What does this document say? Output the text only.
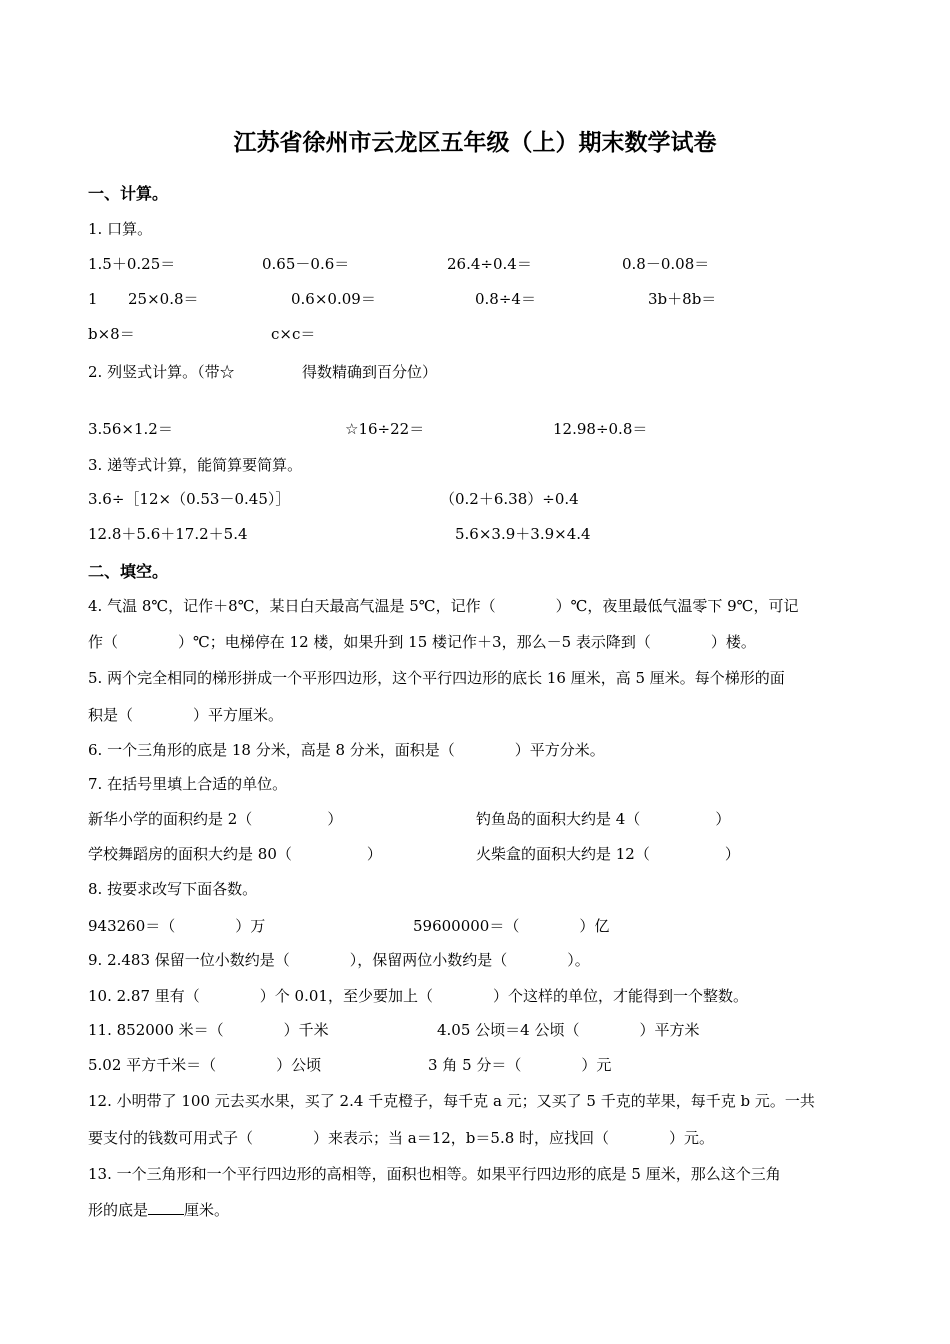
江苏省徐州市云龙区五年级（上）期末数学试卷
一、计算。
1. 口算。
1.5＋0.25＝	0.65－0.6＝	26.4÷0.4＝	0.8－0.08＝
1 25×0.8＝	0.6×0.09＝	0.8÷4＝	3b＋8b＝
b×8＝	c×c＝
2. 列竖式计算。（带☆	得数精确到百分位）
3.56×1.2＝	☆16÷22＝	12.98÷0.8＝
3. 递等式计算，能简算要简算。
3.6÷［12×（0.53－0.45）］	（0.2＋6.38）÷0.4
12.8＋5.6＋17.2＋5.4	5.6×3.9＋3.9×4.4
二、填空。
4. 气温 8℃，记作＋8℃，某日白天最高气温是 5℃，记作（　　　　）℃，夜里最低气温零下 9℃，可记
作（　　　　）℃；电梯停在 12 楼，如果升到 15 楼记作＋3，那么－5 表示降到（　　　　）楼。
5. 两个完全相同的梯形拼成一个平形四边形，这个平行四边形的底长 16 厘米，高 5 厘米。每个梯形的面
积是（　　　　）平方厘米。
6. 一个三角形的底是 18 分米，高是 8 分米，面积是（　　　　）平方分米。
7. 在括号里填上合适的单位。
新华小学的面积约是 2（　　　　　）	钓鱼岛的面积大约是 4（　　　　　）
学校舞蹈房的面积大约是 80（　　　　　）	火柴盒的面积大约是 12（　　　　　）
8. 按要求改写下面各数。
943260＝（　　　　）万	59600000＝（　　　　）亿
9. 2.483 保留一位小数约是（　　　　），保留两位小数约是（　　　　）。
10. 2.87 里有（　　　　）个 0.01，至少要加上（　　　　）个这样的单位，才能得到一个整数。
11. 852000 米＝（　　　　）千米	4.05 公顷＝4 公顷（　　　　）平方米
5.02 平方千米＝（　　　　）公顷	3 角 5 分＝（　　　　）元
12. 小明带了 100 元去买水果，买了 2.4 千克橙子，每千克 a 元；又买了 5 千克的苹果，每千克 b 元。一共
要支付的钱数可用式子（　　　　）来表示；当 a＝12，b＝5.8 时，应找回（　　　　）元。
13. 一个三角形和一个平行四边形的高相等，面积也相等。如果平行四边形的底是 5 厘米，那么这个三角
形的底是 厘米。
